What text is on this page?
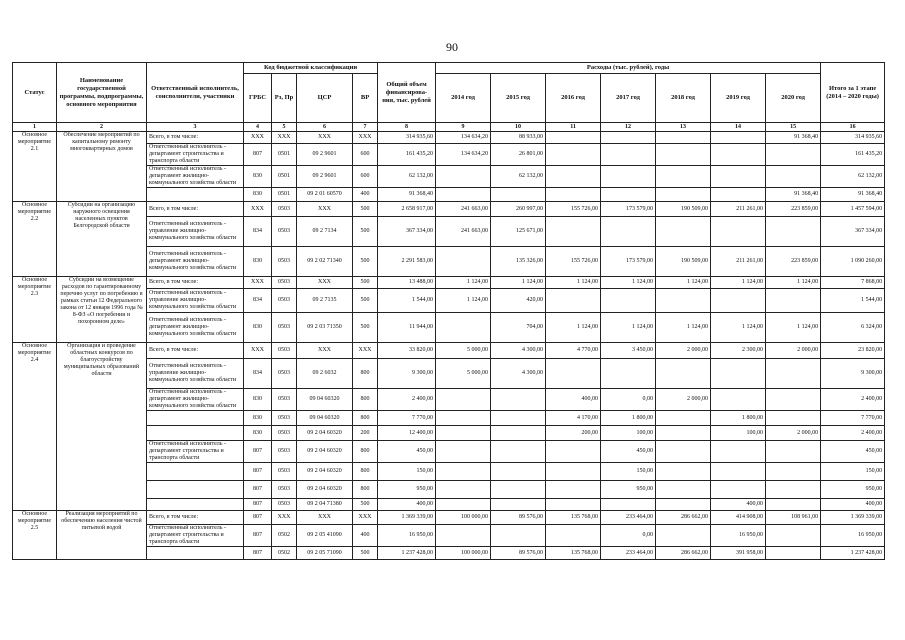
90
Статус	Наименование государственной программы, подпрограммы, основного мероприятия	Ответственный исполнитель, соисполнители, участники	Код бюджетной классификации				Общий объем финансирова-ния, тыс. рублей	Расходы (тыс. рублей), годы							Итого за 1 этапе (2014 – 2020 годы)
			ГРБС	Рз, Пр	ЦСР	ВР		2014 год	2015 год	2016 год	2017 год	2018 год	2019 год	2020 год	
1	2	3	4	5	6	7	8	9	10	11	12	13	14	15	16
Основное мероприятие 2.1	Обеспечение мероприятий по капитальному ремонту многоквартирных домов	Всего, в том числе:	ХХХ	ХХХ	ХХХ	ХХХ	314 935,60	134 634,20	88 933,00					91 368,40	314 935,60
		Ответственный исполнитель - департамент строительства и транспорта области	807	0501	09 2 9601	600	161 435,20	134 634,20	26 801,00						161 435,20
		Ответственный исполнитель - департамент жилищно-коммунального хозяйства области	830	0501	09 2 9601	600	62 132,00		62 132,00						62 132,00
			830	0501	09 2 01 60570	400	91 368,40							91 368,40	91 368,40
Основное мероприятие 2.2	Субсидии на организацию наружного освещения населенных пунктов Белгородской области	Всего, в том числе:	ХХХ	0503	ХХХ	500	2 658 917,00	241 663,00	260 997,00	155 726,00	173 579,00	190 509,00	211 261,00	223 859,00	1 457 594,00
		Ответственный исполнитель - управление жилищно-коммунального хозяйства области	834	0503	09 2 7134	500	367 334,00	241 663,00	125 671,00						367 334,00
		Ответственный исполнитель - департамент жилищно-коммунального хозяйства области	830	0503	09 2 02 71340	500	2 291 583,00		135 326,00	155 726,00	173 579,00	190 509,00	211 261,00	223 859,00	1 090 260,00
Основное мероприятие 2.3	Субсидии на возмещение расходов по гарантированному перечню услуг по погребению в рамках статьи 12 Федерального закона от 12 января 1996 года № 8-ФЗ «О погребении и похоронном деле»	Всего, в том числе:	ХХХ	0503	ХХХ	500	13 488,00	1 124,00	1 124,00	1 124,00	1 124,00	1 124,00	1 124,00	1 124,00	7 868,00
		Ответственный исполнитель - управление жилищно-коммунального хозяйства области	834	0503	09 2 7135	500	1 544,00	1 124,00	420,00						1 544,00
		Ответственный исполнитель - департамент жилищно-коммунального хозяйства области	830	0503	09 2 03 71350	500	11 944,00		704,00	1 124,00	1 124,00	1 124,00	1 124,00	1 124,00	6 324,00
Основное мероприятие 2.4	Организация и проведение областных конкурсов по благоустройству муниципальных образований области	Всего, в том числе:	ХХХ	0503	ХХХ	ХХХ	33 820,00	5 000,00	4 300,00	4 770,00	3 450,00	2 000,00	2 300,00	2 000,00	23 820,00
		Ответственный исполнитель - управление жилищно-коммунального хозяйства области	834	0503	09 2 6032	800	9 300,00	5 000,00	4 300,00						9 300,00
		Ответственный исполнитель - департамент жилищно-коммунального хозяйства области	830	0503	09 04 60320	800	2 400,00			400,00	0,00	2 000,00			2 400,00
			830	0503	09 04 60320	800	7 770,00			4 170,00	1 800,00		1 800,00		7 770,00
			830	0503	09 2 04 60320	200	12 400,00			200,00	100,00		100,00	2 000,00	2 400,00
		Ответственный исполнитель - департамент строительства и транспорта области	807	0503	09 2 04 60320	800	450,00				450,00				450,00
			807	0503	09 2 04 60320	800	150,00				150,00				150,00
			807	0503	09 2 04 60320	800	950,00				950,00				950,00
			807	0503	09 2 04 71380	500	400,00						400,00		400,00
Основное мероприятие 2.5	Реализация мероприятий по обеспечению населения чистой питьевой водой	Всего, в том числе:	807	ХХХ	ХХХ	ХХХ	1 369 339,00	100 000,00	89 576,00	135 768,00	233 464,00	286 662,00	414 908,00	108 961,00	1 369 339,00
		Ответственный исполнитель - департамент строительства и транспорта области	807	0502	09 2 05 41090	400	16 950,00				0,00		16 950,00		16 950,00
			807	0502	09 2 05 71090	500	1 237 428,00	100 000,00	89 576,00	135 768,00	233 464,00	286 662,00	391 958,00		1 237 428,00
